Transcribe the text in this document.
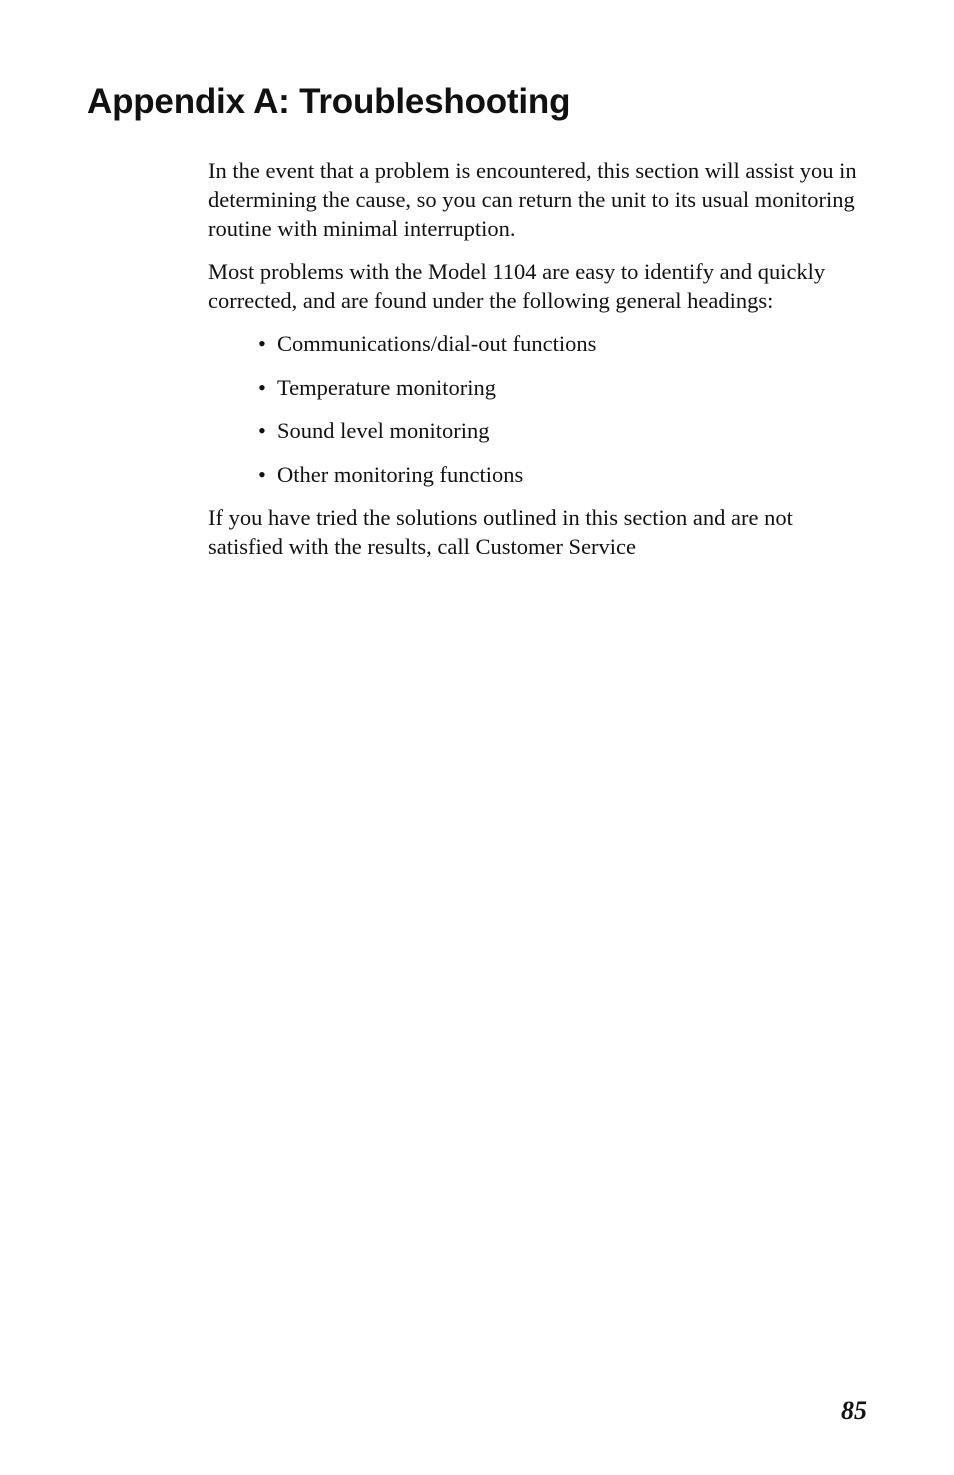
Appendix A: Troubleshooting

In the event that a problem is encountered, this section will assist you in determining the cause, so you can return the unit to its usual monitoring routine with minimal interruption.

Most problems with the Model 1104 are easy to identify and quickly corrected, and are found under the following general headings:

• Communications/dial-out functions
• Temperature monitoring
• Sound level monitoring
• Other monitoring functions

If you have tried the solutions outlined in this section and are not satisfied with the results, call Customer Service

85
